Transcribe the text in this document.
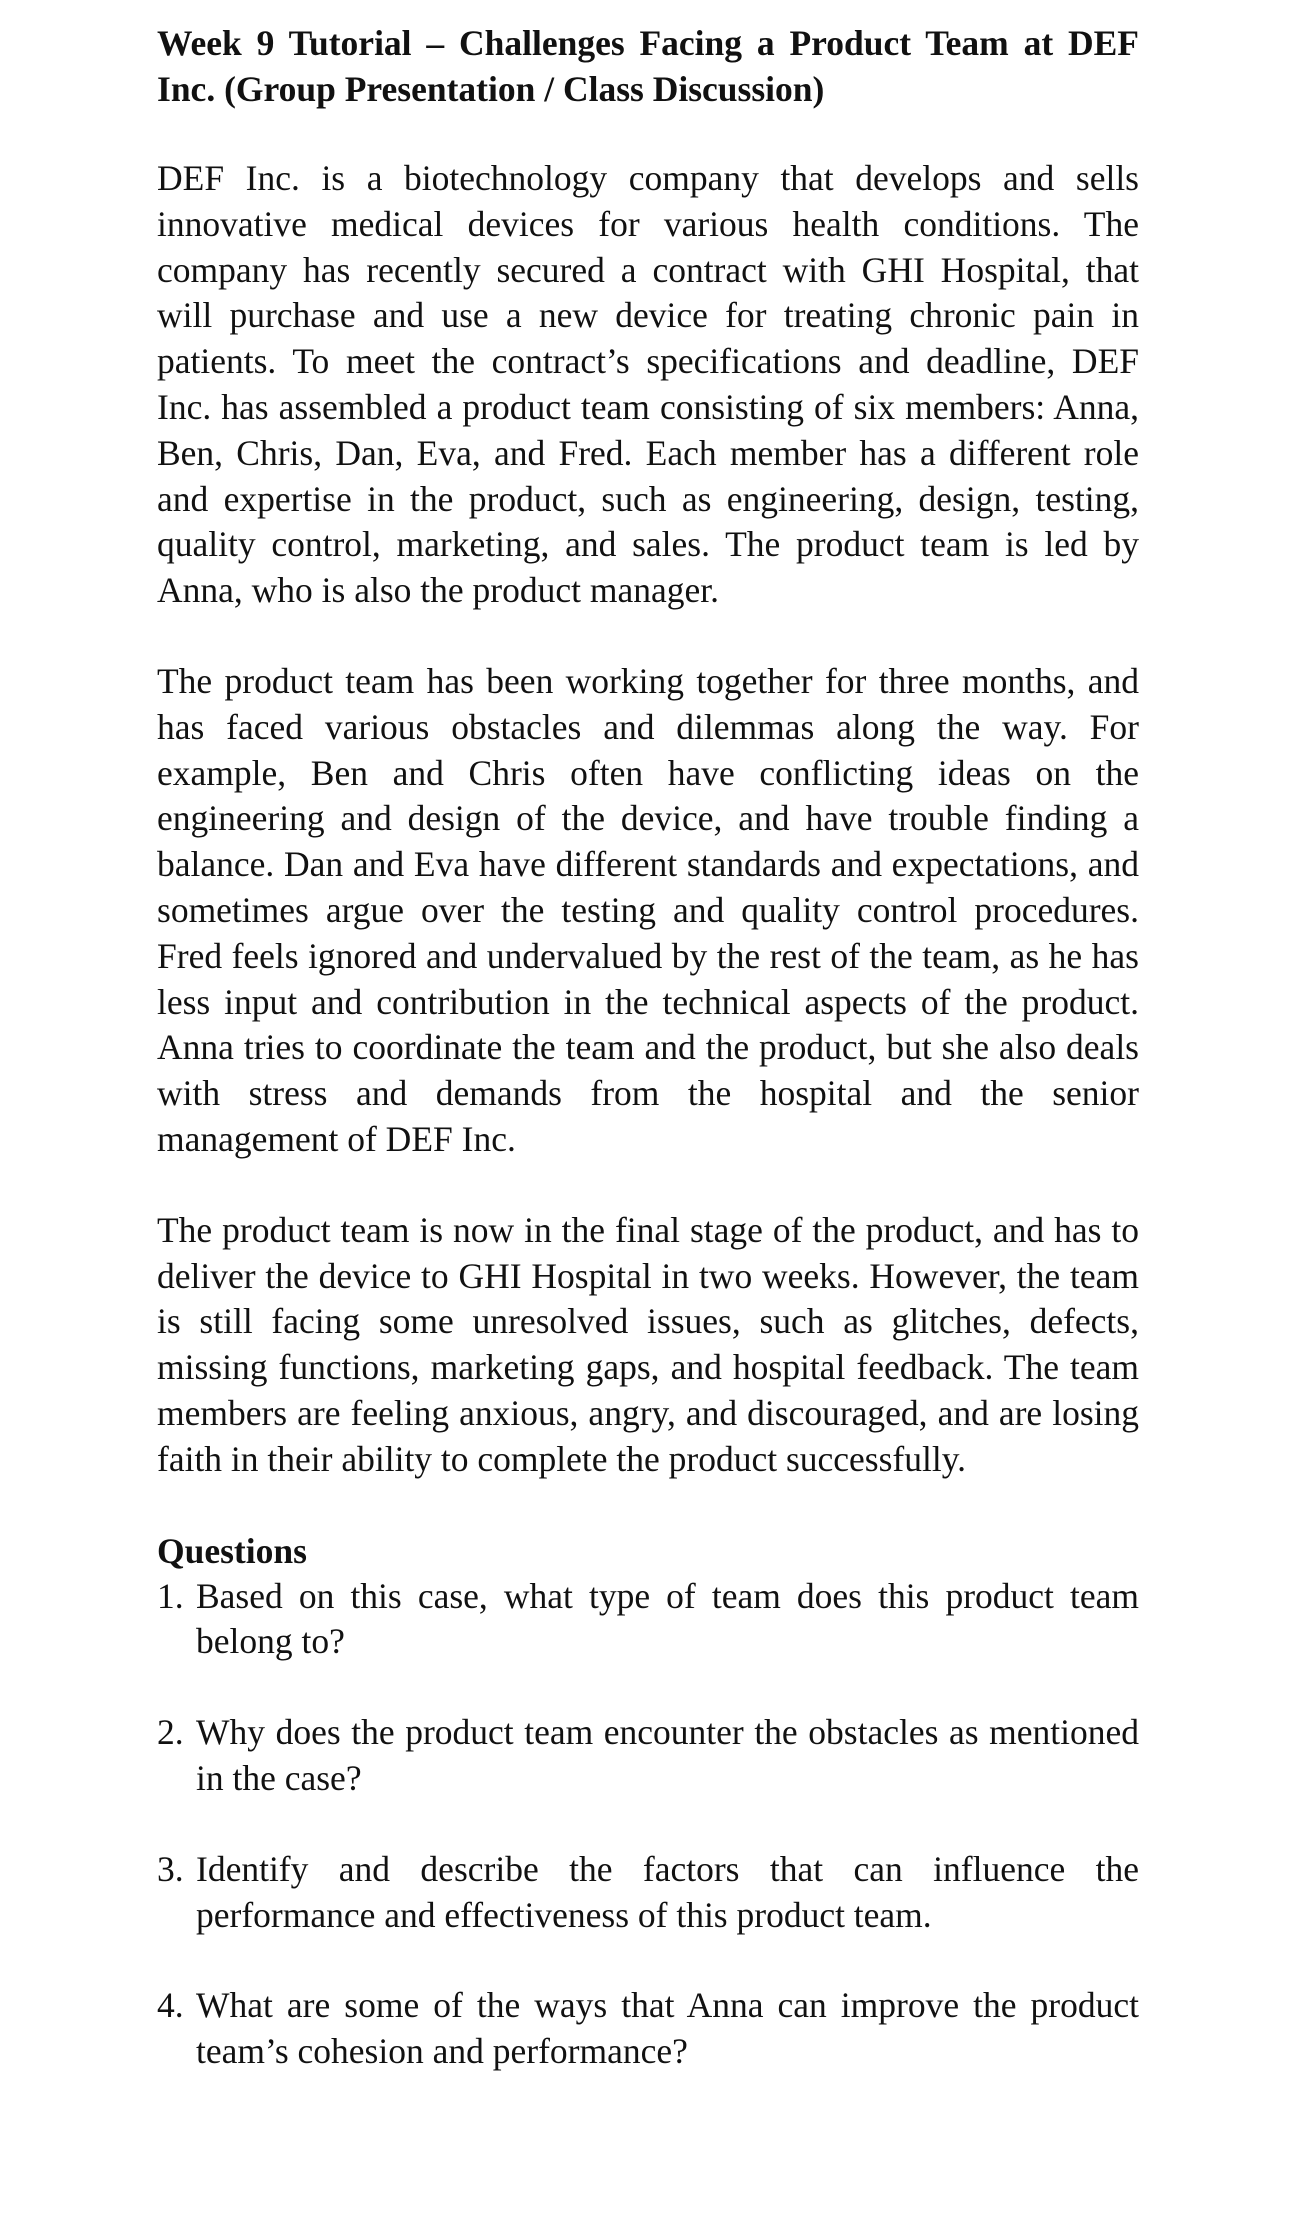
Week 9 Tutorial – Challenges Facing a Product Team at DEF Inc. (Group Presentation / Class Discussion)

DEF Inc. is a biotechnology company that develops and sells innovative medical devices for various health conditions. The company has recently secured a contract with GHI Hospital, that will purchase and use a new device for treating chronic pain in patients. To meet the contract’s specifications and deadline, DEF Inc. has assembled a product team consisting of six members: Anna, Ben, Chris, Dan, Eva, and Fred. Each member has a different role and expertise in the product, such as engineering, design, testing, quality control, marketing, and sales. The product team is led by Anna, who is also the product manager.

The product team has been working together for three months, and has faced various obstacles and dilemmas along the way. For example, Ben and Chris often have conflicting ideas on the engineering and design of the device, and have trouble finding a balance. Dan and Eva have different standards and expectations, and sometimes argue over the testing and quality control procedures. Fred feels ignored and undervalued by the rest of the team, as he has less input and contribution in the technical aspects of the product. Anna tries to coordinate the team and the product, but she also deals with stress and demands from the hospital and the senior management of DEF Inc.

The product team is now in the final stage of the product, and has to deliver the device to GHI Hospital in two weeks. However, the team is still facing some unresolved issues, such as glitches, defects, missing functions, marketing gaps, and hospital feedback. The team members are feeling anxious, angry, and discouraged, and are losing faith in their ability to complete the product successfully.

Questions
1. Based on this case, what type of team does this product team belong to?
2. Why does the product team encounter the obstacles as mentioned in the case?
3. Identify and describe the factors that can influence the performance and effectiveness of this product team.
4. What are some of the ways that Anna can improve the product team’s cohesion and performance?
